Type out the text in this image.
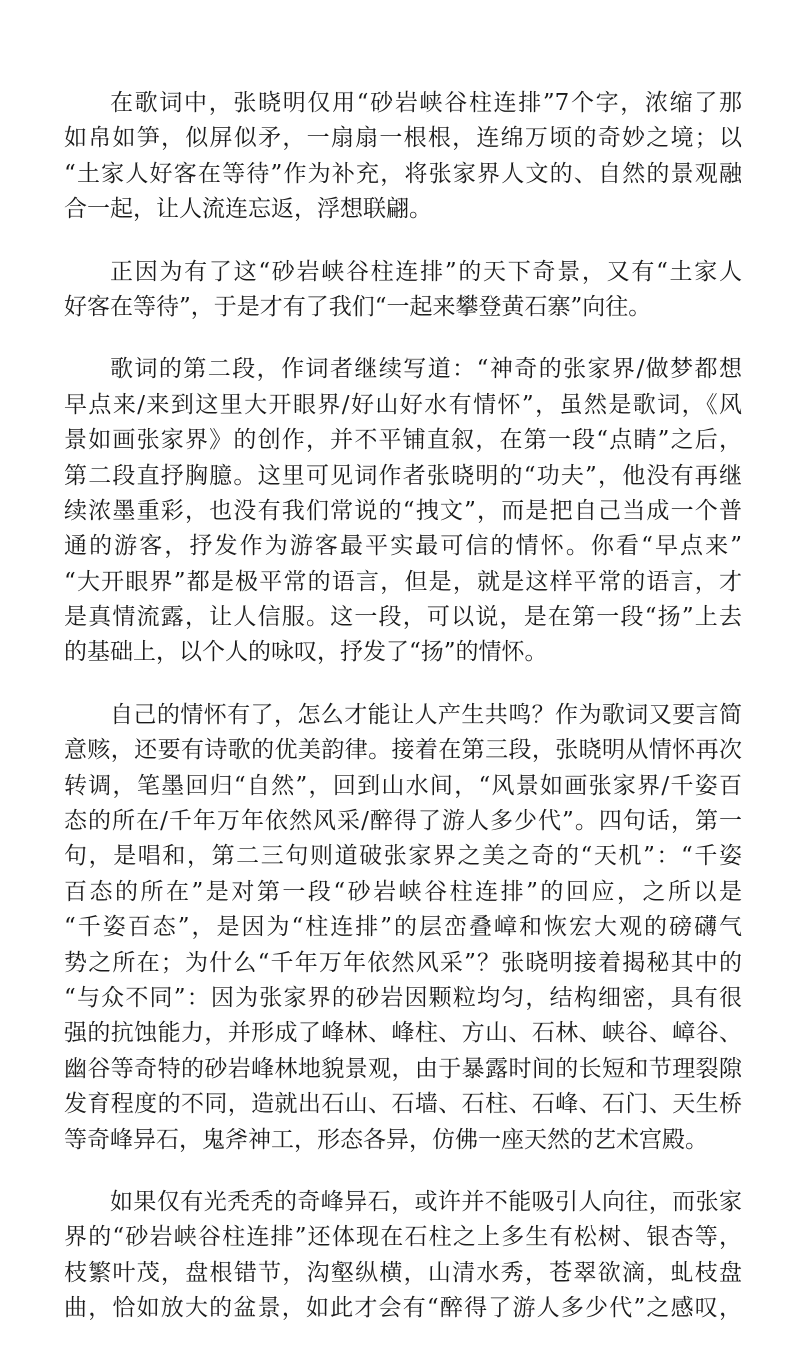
在歌词中，张晓明仅用“砂岩峡谷柱连排”7个字，浓缩了那
如帛如笋，似屏似矛，一扇扇一根根，连绵万顷的奇妙之境；以
“土家人好客在等待”作为补充，将张家界人文的、自然的景观融
合一起，让人流连忘返，浮想联翩。
正因为有了这“砂岩峡谷柱连排”的天下奇景，又有“土家人
好客在等待”，于是才有了我们“一起来攀登黄石寨”向往。
歌词的第二段，作词者继续写道：“神奇的张家界/做梦都想
早点来/来到这里大开眼界/好山好水有情怀”，虽然是歌词，《风
景如画张家界》的创作，并不平铺直叙，在第一段“点睛”之后，
第二段直抒胸臆。这里可见词作者张晓明的“功夫”，他没有再继
续浓墨重彩，也没有我们常说的“拽文”，而是把自己当成一个普
通的游客，抒发作为游客最平实最可信的情怀。你看“早点来”
“大开眼界”都是极平常的语言，但是，就是这样平常的语言，才
是真情流露，让人信服。这一段，可以说，是在第一段“扬”上去
的基础上，以个人的咏叹，抒发了“扬”的情怀。
自己的情怀有了，怎么才能让人产生共鸣？作为歌词又要言简
意赅，还要有诗歌的优美韵律。接着在第三段，张晓明从情怀再次
转调，笔墨回归“自然”，回到山水间，“风景如画张家界/千姿百
态的所在/千年万年依然风采/醉得了游人多少代”。四句话，第一
句，是唱和，第二三句则道破张家界之美之奇的“天机”：“千姿
百态的所在”是对第一段“砂岩峡谷柱连排”的回应，之所以是
“千姿百态”，是因为“柱连排”的层峦叠嶂和恢宏大观的磅礴气
势之所在；为什么“千年万年依然风采”？张晓明接着揭秘其中的
“与众不同”：因为张家界的砂岩因颗粒均匀，结构细密，具有很
强的抗蚀能力，并形成了峰林、峰柱、方山、石林、峡谷、嶂谷、
幽谷等奇特的砂岩峰林地貌景观，由于暴露时间的长短和节理裂隙
发育程度的不同，造就出石山、石墙、石柱、石峰、石门、天生桥
等奇峰异石，鬼斧神工，形态各异，仿佛一座天然的艺术宫殿。
如果仅有光秃秃的奇峰异石，或许并不能吸引人向往，而张家
界的“砂岩峡谷柱连排”还体现在石柱之上多生有松树、银杏等，
枝繁叶茂，盘根错节，沟壑纵横，山清水秀，苍翠欲滴，虬枝盘
曲，恰如放大的盆景，如此才会有“醉得了游人多少代”之感叹，
